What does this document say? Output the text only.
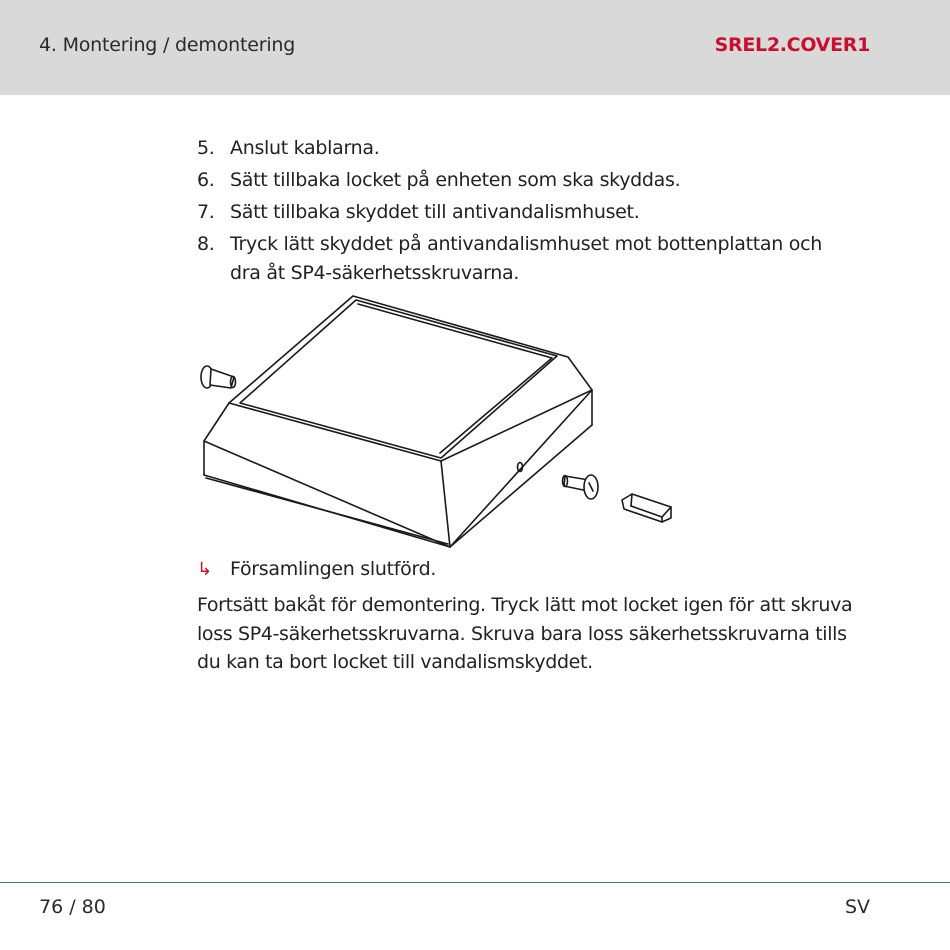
4. Montering / demontering	SREL2.COVER1
5. Anslut kablarna.
6. Sätt tillbaka locket på enheten som ska skyddas.
7. Sätt tillbaka skyddet till antivandalismhuset.
8. Tryck lätt skyddet på antivandalismhuset mot bottenplattan och dra åt SP4-säkerhetsskruvarna.
↳ Församlingen slutförd.

Fortsätt bakåt för demontering. Tryck lätt mot locket igen för att skruva loss SP4-säkerhetsskruvarna. Skruva bara loss säkerhetsskruvarna tills du kan ta bort locket till vandalismskyddet.

76 / 80	SV
